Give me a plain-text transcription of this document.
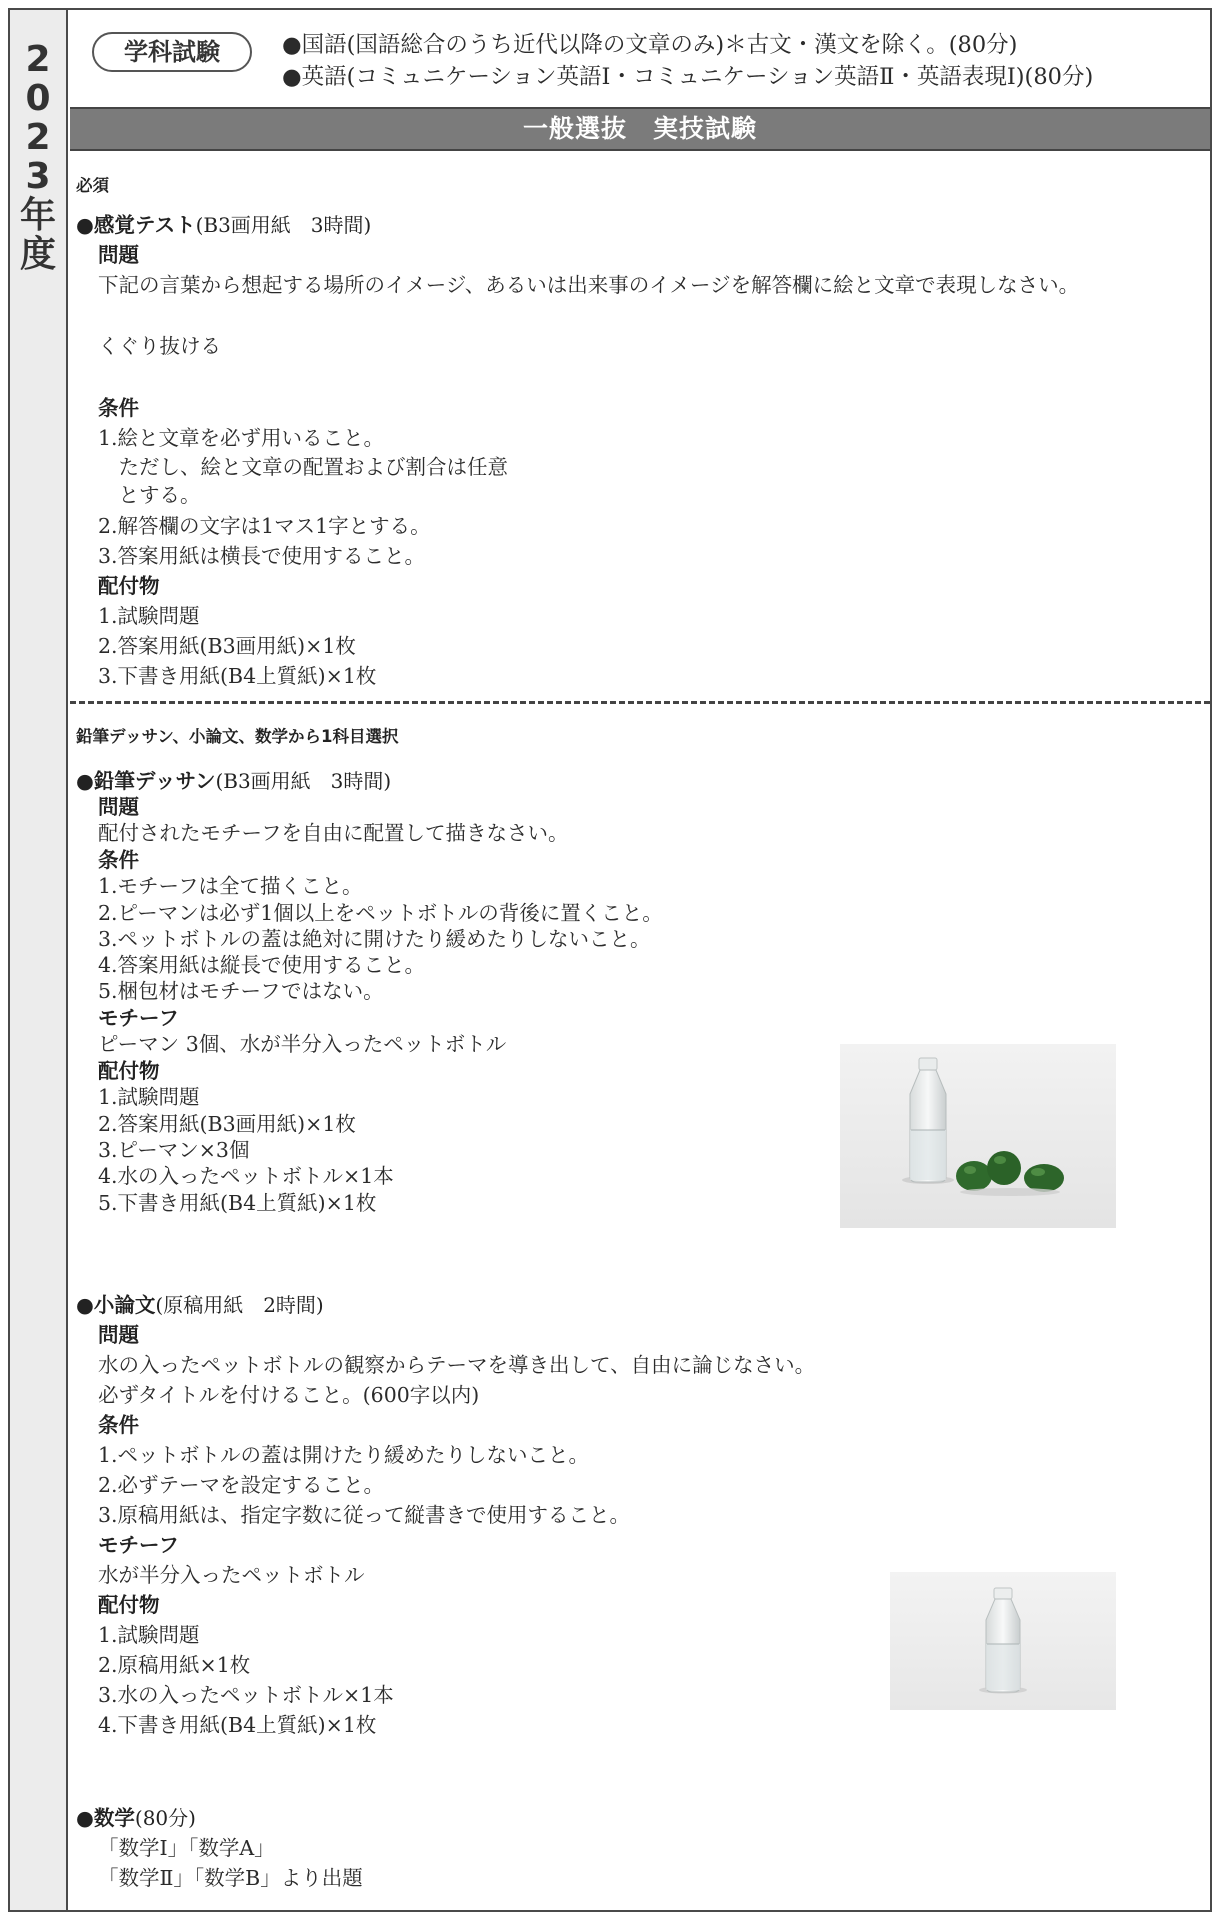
2023年度
学科試験	●国語(国語総合のうち近代以降の文章のみ)＊古文・漢文を除く。(80分)
●英語(コミュニケーション英語Ⅰ・コミュニケーション英語Ⅱ・英語表現Ⅰ)(80分)
一般選抜　実技試験
必須
●感覚テスト(B3画用紙　3時間)
問題
下記の言葉から想起する場所のイメージ、あるいは出来事のイメージを解答欄に絵と文章で表現しなさい。
くぐり抜ける
条件
1.絵と文章を必ず用いること。
　ただし、絵と文章の配置および割合は任意
　とする。
2.解答欄の文字は1マス1字とする。
3.答案用紙は横長で使用すること。
配付物
1.試験問題
2.答案用紙(B3画用紙)×1枚
3.下書き用紙(B4上質紙)×1枚
鉛筆デッサン、小論文、数学から1科目選択
●鉛筆デッサン(B3画用紙　3時間)
問題
配付されたモチーフを自由に配置して描きなさい。
条件
1.モチーフは全て描くこと。
2.ピーマンは必ず1個以上をペットボトルの背後に置くこと。
3.ペットボトルの蓋は絶対に開けたり緩めたりしないこと。
4.答案用紙は縦長で使用すること。
5.梱包材はモチーフではない。
モチーフ
ピーマン 3個、水が半分入ったペットボトル
配付物
1.試験問題
2.答案用紙(B3画用紙)×1枚
3.ピーマン×3個
4.水の入ったペットボトル×1本
5.下書き用紙(B4上質紙)×1枚
●小論文(原稿用紙　2時間)
問題
水の入ったペットボトルの観察からテーマを導き出して、自由に論じなさい。
必ずタイトルを付けること。(600字以内)
条件
1.ペットボトルの蓋は開けたり緩めたりしないこと。
2.必ずテーマを設定すること。
3.原稿用紙は、指定字数に従って縦書きで使用すること。
モチーフ
水が半分入ったペットボトル
配付物
1.試験問題
2.原稿用紙×1枚
3.水の入ったペットボトル×1本
4.下書き用紙(B4上質紙)×1枚
●数学(80分)
「数学Ⅰ」「数学A」
「数学Ⅱ」「数学B」より出題
